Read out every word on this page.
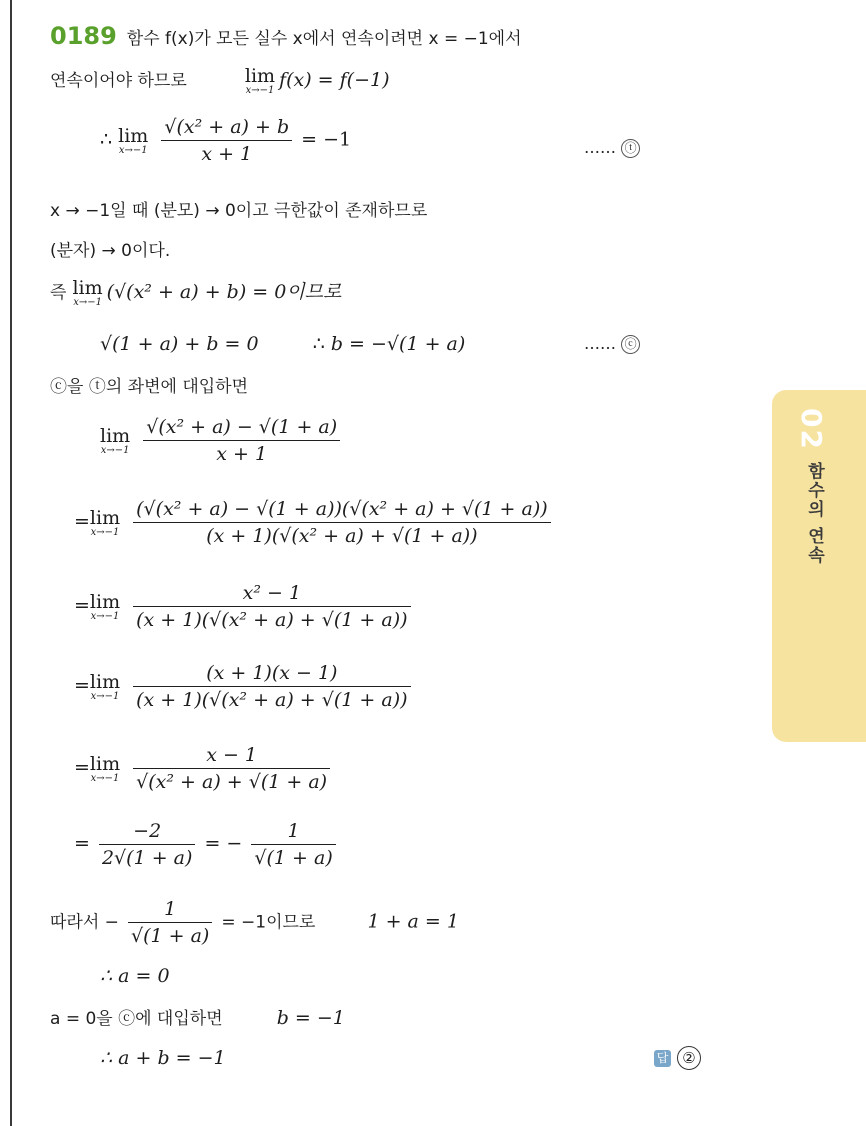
02
함수의 연속
0189 함수 f(x)가 모든 실수 x에서 연속이려면 x = −1에서
연속이어야 하므로	lim
x→−1 f(x) = f(−1)
∴ lim
x→−1
$\frac{\text{√(x² + a) + b}}{x + 1} = -1$	…… ⓣ
x → −1일 때 (분모) → 0이고 극한값이 존재하므로
(분자) → 0이다.
즉 lim
x→−1 (√(x² + a) + b) = 0이므로
√(1 + a) + b = 0	∴ b = −√(1 + a)	…… ⓒ
ⓒ을 ⓣ의 좌변에 대입하면
lim
x→−1
$\frac{\text{√(x² + a) − √(1 + a)}}{x + 1}$
= lim
x→−1
$\frac{\text{(√(x² + a) − √(1 + a))(√(x² + a) + √(1 + a))}}{\text{(x + 1)(√(x² + a) + √(1 + a))}}$
= lim
x→−1
$\frac{\text{x² − 1}}{\text{(x + 1)(√(x² + a) + √(1 + a))}}$
= lim
x→−1
$\frac{(x + 1)(x - 1)}{\text{(x + 1)(√(x² + a) + √(1 + a))}}$
= lim
x→−1
$\frac{x - 1}{\text{√(x² + a) + √(1 + a)}}$
= $\frac{-2}{2√(1 + a)}$ = − $\frac{1}{√(1 + a)}$
따라서 − $\frac{1}{√(1 + a)} = -1$이므로	1 + a = 1
∴ a = 0
a = 0을 ⓒ에 대입하면	b = −1
∴ a + b = −1	답 ②
